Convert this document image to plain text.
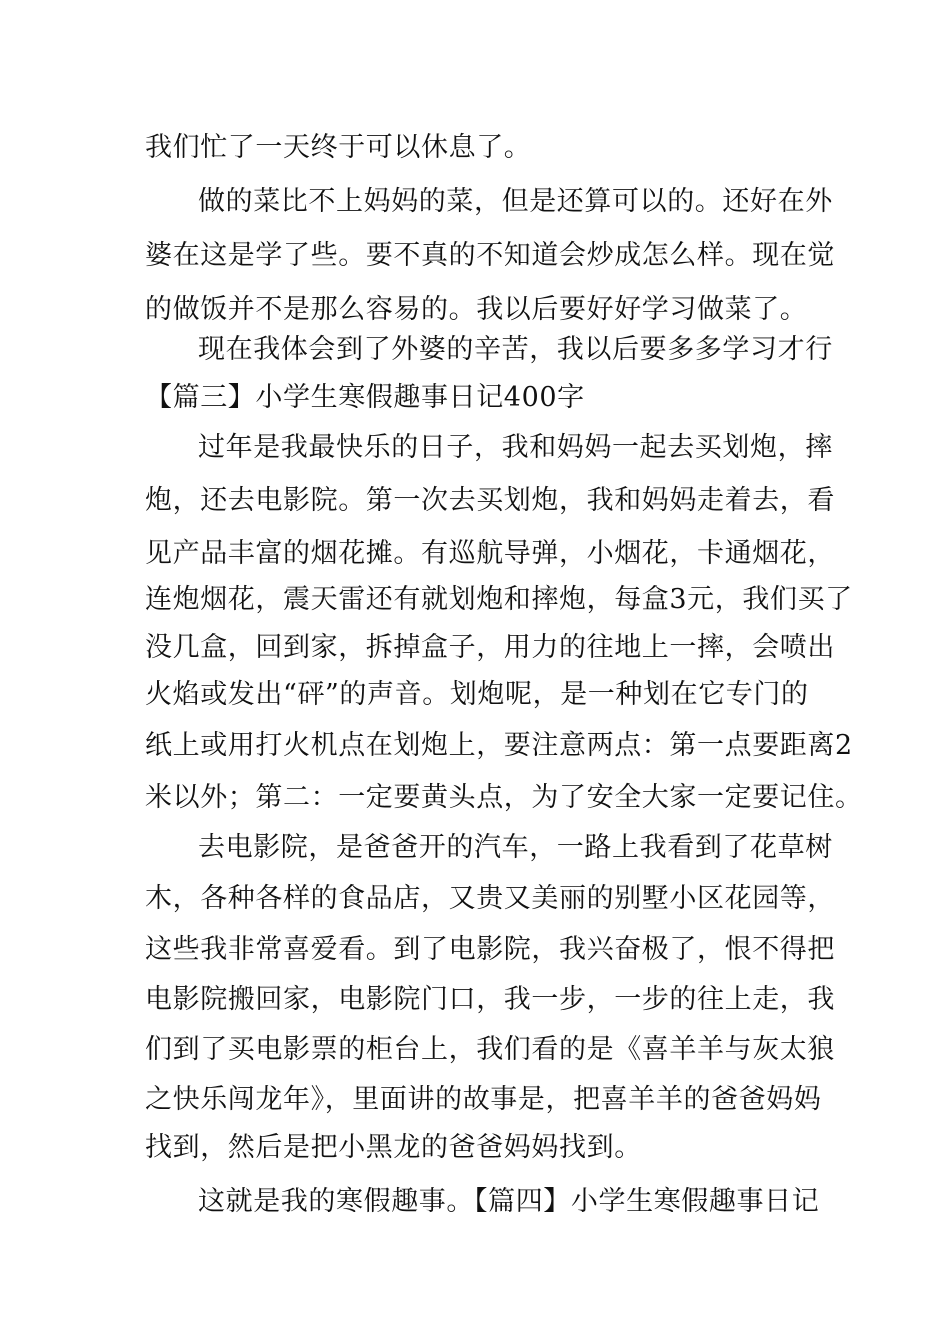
我们忙了一天终于可以休息了。
做的菜比不上妈妈的菜，但是还算可以的。还好在外
婆在这是学了些。要不真的不知道会炒成怎么样。现在觉
的做饭并不是那么容易的。我以后要好好学习做菜了。
现在我体会到了外婆的辛苦，我以后要多多学习才行
【篇三】小学生寒假趣事日记400字
过年是我最快乐的日子，我和妈妈一起去买划炮，摔
炮，还去电影院。第一次去买划炮，我和妈妈走着去，看
见产品丰富的烟花摊。有巡航导弹，小烟花，卡通烟花，
连炮烟花，震天雷还有就划炮和摔炮，每盒3元，我们买了
没几盒，回到家，拆掉盒子，用力的往地上一摔，会喷出
火焰或发出“砰”的声音。划炮呢，是一种划在它专门的
纸上或用打火机点在划炮上，要注意两点：第一点要距离2
米以外；第二：一定要黄头点，为了安全大家一定要记住。
去电影院，是爸爸开的汽车，一路上我看到了花草树
木，各种各样的食品店，又贵又美丽的别墅小区花园等，
这些我非常喜爱看。到了电影院，我兴奋极了，恨不得把
电影院搬回家，电影院门口，我一步，一步的往上走，我
们到了买电影票的柜台上，我们看的是《喜羊羊与灰太狼
之快乐闯龙年》，里面讲的故事是，把喜羊羊的爸爸妈妈
找到，然后是把小黑龙的爸爸妈妈找到。
这就是我的寒假趣事。【篇四】小学生寒假趣事日记
